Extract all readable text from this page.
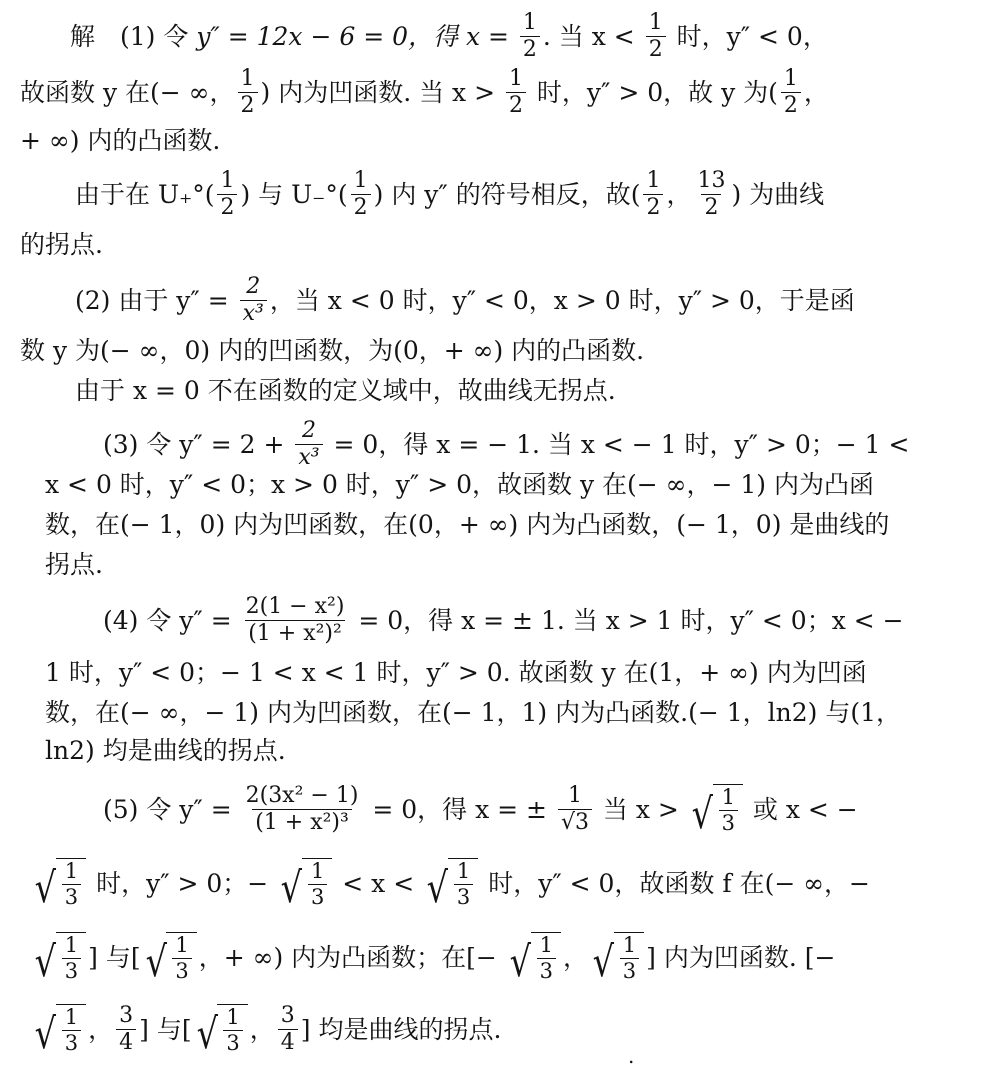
解　(1) 令 y″ = 12x − 6 = 0，得 $x = \frac{1}{2}$ . 当 $x < \frac{1}{2}$ 时，y″ < 0，
故函数 y 在(− ∞， $\frac{1}{2}$ ) 内为凹函数. 当 $x > \frac{1}{2}$ 时，y″ > 0，故 y 为( $\frac{1}{2}$ ，
+ ∞) 内的凸函数.
由于在 $U_+^\circ( \frac{1}{2}$ ) 与 $U_-^\circ( \frac{1}{2}$ ) 内 y″ 的符号相反，故( $\frac{1}{2}$ ， $\frac{13}{2}$ ) 为曲线
的拐点.
(2) 由于 $y'' = \frac{2}{\text{x³}}$ ，当 x < 0 时，y″ < 0，x > 0 时，y″ > 0，于是函
数 y 为(− ∞，0) 内的凹函数，为(0，+ ∞) 内的凸函数.
由于 x = 0 不在函数的定义域中，故曲线无拐点.
(3) 令 $y'' = 2 + \frac{2}{\text{x³}} = 0$，得 x = − 1. 当 x < − 1 时，y″ > 0；− 1 <
x < 0 时，y″ < 0；x > 0 时，y″ > 0，故函数 y 在(− ∞，− 1) 内为凸函
数，在(− 1，0) 内为凹函数，在(0，+ ∞) 内为凸函数，(− 1，0) 是曲线的
拐点.
(4) 令 $y'' = \frac{\text{2(1 − x²)}}{\text{(1 + x²)²}} = 0$，得 x = ± 1. 当 x > 1 时，y″ < 0；x < −
1 时，y″ < 0；− 1 < x < 1 时，y″ > 0. 故函数 y 在(1，+ ∞) 内为凹函
数，在(− ∞，− 1) 内为凹函数，在(− 1，1) 内为凸函数.(− 1，ln2) 与(1，
ln2) 均是曲线的拐点.
(5) 令 $y'' = \frac{\text{2(3x² − 1)}}{\text{(1 + x²)³}} = 0$，得 x = ± $\frac{1}{√3}$ 当 x > √ $\frac{1}{3}$ 或 x < −
√ $\frac{1}{3}$ 时，y″ > 0；− √ $\frac{1}{3} < x$ < √ $\frac{1}{3}$ 时，y″ < 0，故函数 f 在(− ∞，−
√ $\frac{1}{3}$ ] 与[ √ $\frac{1}{3}$ ，+ ∞) 内为凸函数；在[− √ $\frac{1}{3}$ ， √ $\frac{1}{3}$ ] 内为凹函数. [−
√ $\frac{1}{3}$ ， $\frac{3}{4}$ ] 与[ √ $\frac{1}{3}$ ， $\frac{3}{4}$ ] 均是曲线的拐点.
.
